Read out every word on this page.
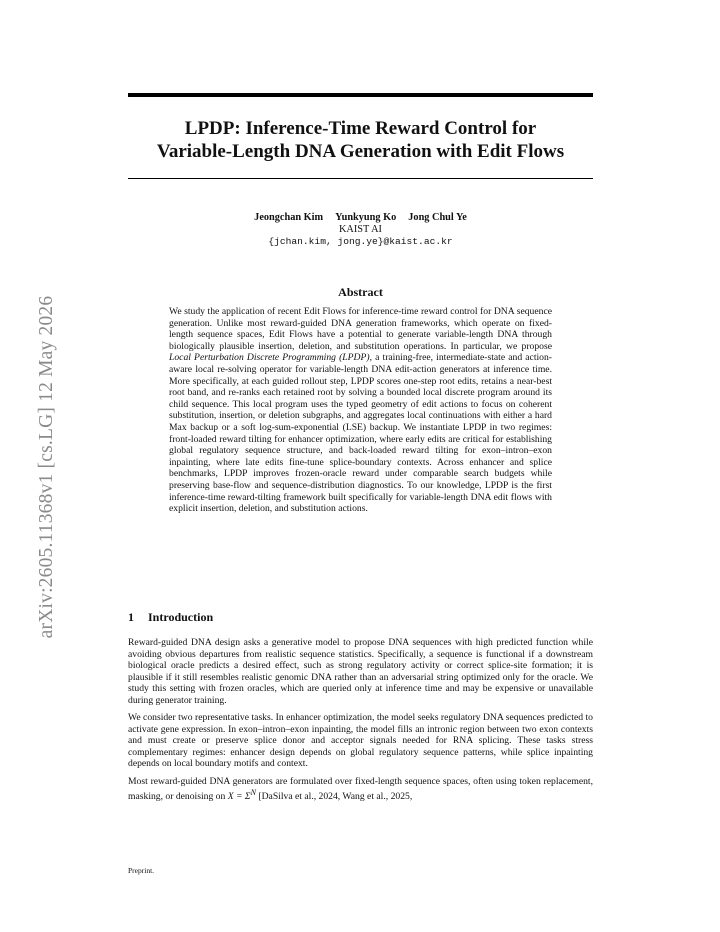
arXiv:2605.11368v1 [cs.LG] 12 May 2026
LPDP: Inference-Time Reward Control for
Variable-Length DNA Generation with Edit Flows
Jeongchan Kim Yunkyung Ko Jong Chul Ye
KAIST AI
{jchan.kim, jong.ye}@kaist.ac.kr
Abstract
We study the application of recent Edit Flows for inference-time reward control for DNA sequence generation. Unlike most reward-guided DNA generation frameworks, which operate on fixed-length sequence spaces, Edit Flows have a potential to generate variable-length DNA through biologically plausible insertion, deletion, and substitution operations. In particular, we propose Local Perturbation Discrete Programming (LPDP), a training-free, intermediate-state and action-aware local re-solving operator for variable-length DNA edit-action generators at inference time. More specifically, at each guided rollout step, LPDP scores one-step root edits, retains a near-best root band, and re-ranks each retained root by solving a bounded local discrete program around its child sequence. This local program uses the typed geometry of edit actions to focus on coherent substitution, insertion, or deletion subgraphs, and aggregates local continuations with either a hard Max backup or a soft log-sum-exponential (LSE) backup. We instantiate LPDP in two regimes: front-loaded reward tilting for enhancer optimization, where early edits are critical for establishing global regulatory sequence structure, and back-loaded reward tilting for exon–intron–exon inpainting, where late edits fine-tune splice-boundary contexts. Across enhancer and splice benchmarks, LPDP improves frozen-oracle reward under comparable search budgets while preserving base-flow and sequence-distribution diagnostics. To our knowledge, LPDP is the first inference-time reward-tilting framework built specifically for variable-length DNA edit flows with explicit insertion, deletion, and substitution actions.
1 Introduction

Reward-guided DNA design asks a generative model to propose DNA sequences with high predicted function while avoiding obvious departures from realistic sequence statistics. Specifically, a sequence is functional if a downstream biological oracle predicts a desired effect, such as strong regulatory activity or correct splice-site formation; it is plausible if it still resembles realistic genomic DNA rather than an adversarial string optimized only for the oracle. We study this setting with frozen oracles, which are queried only at inference time and may be expensive or unavailable during generator training.

We consider two representative tasks. In enhancer optimization, the model seeks regulatory DNA sequences predicted to activate gene expression. In exon–intron–exon inpainting, the model fills an intronic region between two exon contexts and must create or preserve splice donor and acceptor signals needed for RNA splicing. These tasks stress complementary regimes: enhancer design depends on global regulatory sequence patterns, while splice inpainting depends on local boundary motifs and context.

Most reward-guided DNA generators are formulated over fixed-length sequence spaces, often using token replacement, masking, or denoising on $X = \Sigma^N$ [DaSilva et al., 2024, Wang et al., 2025,

Preprint.
